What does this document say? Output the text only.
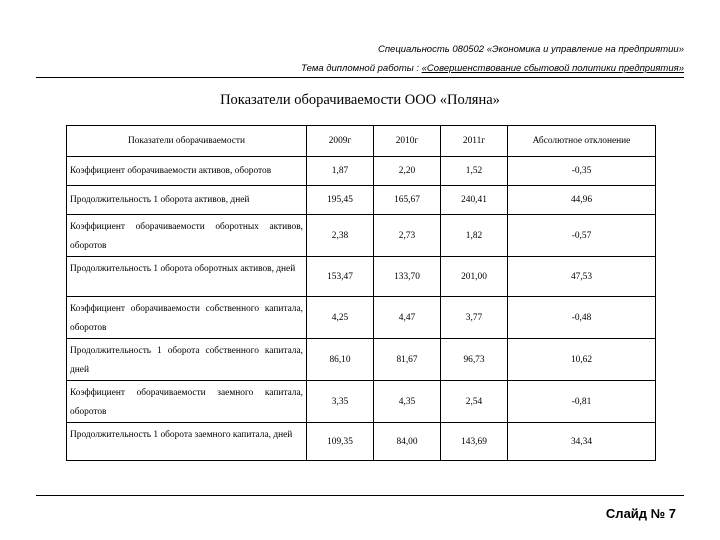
Специальность 080502 «Экономика и управление на предприятии»
Тема дипломной работы : «Совершенствование сбытовой политики предприятия»
Показатели оборачиваемости ООО «Поляна»
Показатели оборачиваемости	2009г	2010г	2011г	Абсолютное отклонение
Коэффициент оборачиваемости активов, оборотов	1,87	2,20	1,52	-0,35
Продолжительность 1 оборота активов, дней	195,45	165,67	240,41	44,96
Коэффициент оборачиваемости оборотных активов, оборотов	2,38	2,73	1,82	-0,57
Продолжительность 1 оборота оборотных активов, дней	153,47	133,70	201,00	47,53
Коэффициент оборачиваемости собственного капитала, оборотов	4,25	4,47	3,77	-0,48
Продолжительность 1 оборота собственного капитала, дней	86,10	81,67	96,73	10,62
Коэффициент оборачиваемости заемного капитала, оборотов	3,35	4,35	2,54	-0,81
Продолжительность 1 оборота заемного капитала, дней	109,35	84,00	143,69	34,34
Слайд № 7
